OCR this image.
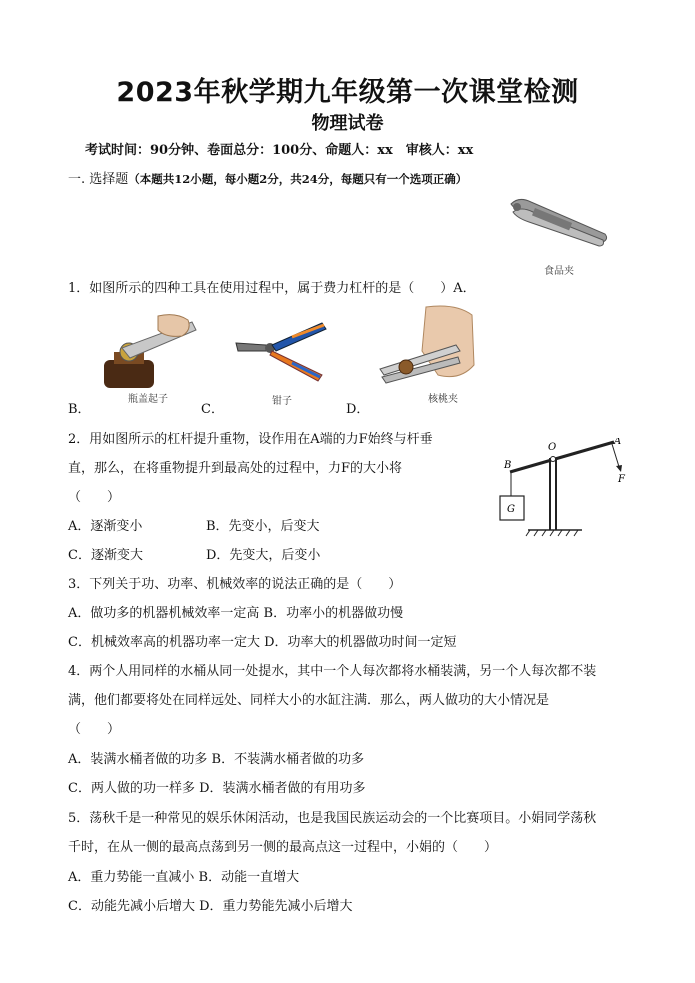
2023年秋学期九年级第一次课堂检测
物理试卷
考试时间：90分钟、卷面总分：100分、命题人：xx　审核人：xx
一. 选择题（本题共12小题，每小题2分，共24分，每题只有一个选项正确）
食品夹
1．如图所示的四种工具在使用过程中，属于费力杠杆的是（　　）A．
瓶盖起子	钳子	核桃夹
B．	C．	D．
2．用如图所示的杠杆提升重物，设作用在A端的力F始终与杆垂
直，那么，在将重物提升到最高处的过程中，力F的大小将
（　　）
O
A
B
F
G
A．逐渐变小	B．先变小，后变大
C．逐渐变大	D．先变大，后变小
3．下列关于功、功率、机械效率的说法正确的是（　　）
A．做功多的机器机械效率一定高 B．功率小的机器做功慢
C．机械效率高的机器功率一定大 D．功率大的机器做功时间一定短
4．两个人用同样的水桶从同一处提水，其中一个人每次都将水桶装满，另一个人每次都不装
满，他们都要将处在同样远处、同样大小的水缸注满．那么，两人做功的大小情况是
（　　）
A．装满水桶者做的功多 B．不装满水桶者做的功多
C．两人做的功一样多 D．装满水桶者做的有用功多
5．荡秋千是一种常见的娱乐休闲活动，也是我国民族运动会的一个比赛项目。小娟同学荡秋
千时，在从一侧的最高点荡到另一侧的最高点这一过程中，小娟的（　　）
A．重力势能一直减小 B．动能一直增大
C．动能先减小后增大 D．重力势能先减小后增大
